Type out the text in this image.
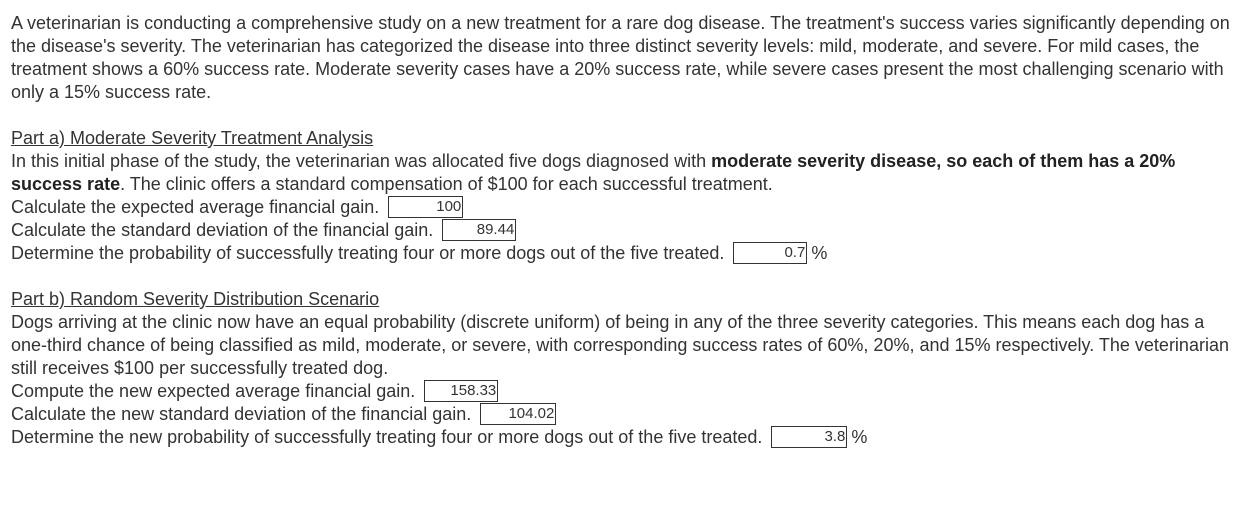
A veterinarian is conducting a comprehensive study on a new treatment for a rare dog disease. The treatment's success varies significantly depending on the disease's severity. The veterinarian has categorized the disease into three distinct severity levels: mild, moderate, and severe. For mild cases, the treatment shows a 60% success rate. Moderate severity cases have a 20% success rate, while severe cases present the most challenging scenario with only a 15% success rate.

Part a) Moderate Severity Treatment Analysis

In this initial phase of the study, the veterinarian was allocated five dogs diagnosed with moderate severity disease, so each of them has a 20% success rate. The clinic offers a standard compensation of $100 for each successful treatment.

Calculate the expected average financial gain.	100
Calculate the standard deviation of the financial gain.	89.44
Determine the probability of successfully treating four or more dogs out of the five treated.	0.7 %

Part b) Random Severity Distribution Scenario

Dogs arriving at the clinic now have an equal probability (discrete uniform) of being in any of the three severity categories. This means each dog has a one-third chance of being classified as mild, moderate, or severe, with corresponding success rates of 60%, 20%, and 15% respectively. The veterinarian still receives $100 per successfully treated dog.

Compute the new expected average financial gain. 158.33
Calculate the new standard deviation of the financial gain. 104.02
Determine the new probability of successfully treating four or more dogs out of the five treated.	3.8 %
